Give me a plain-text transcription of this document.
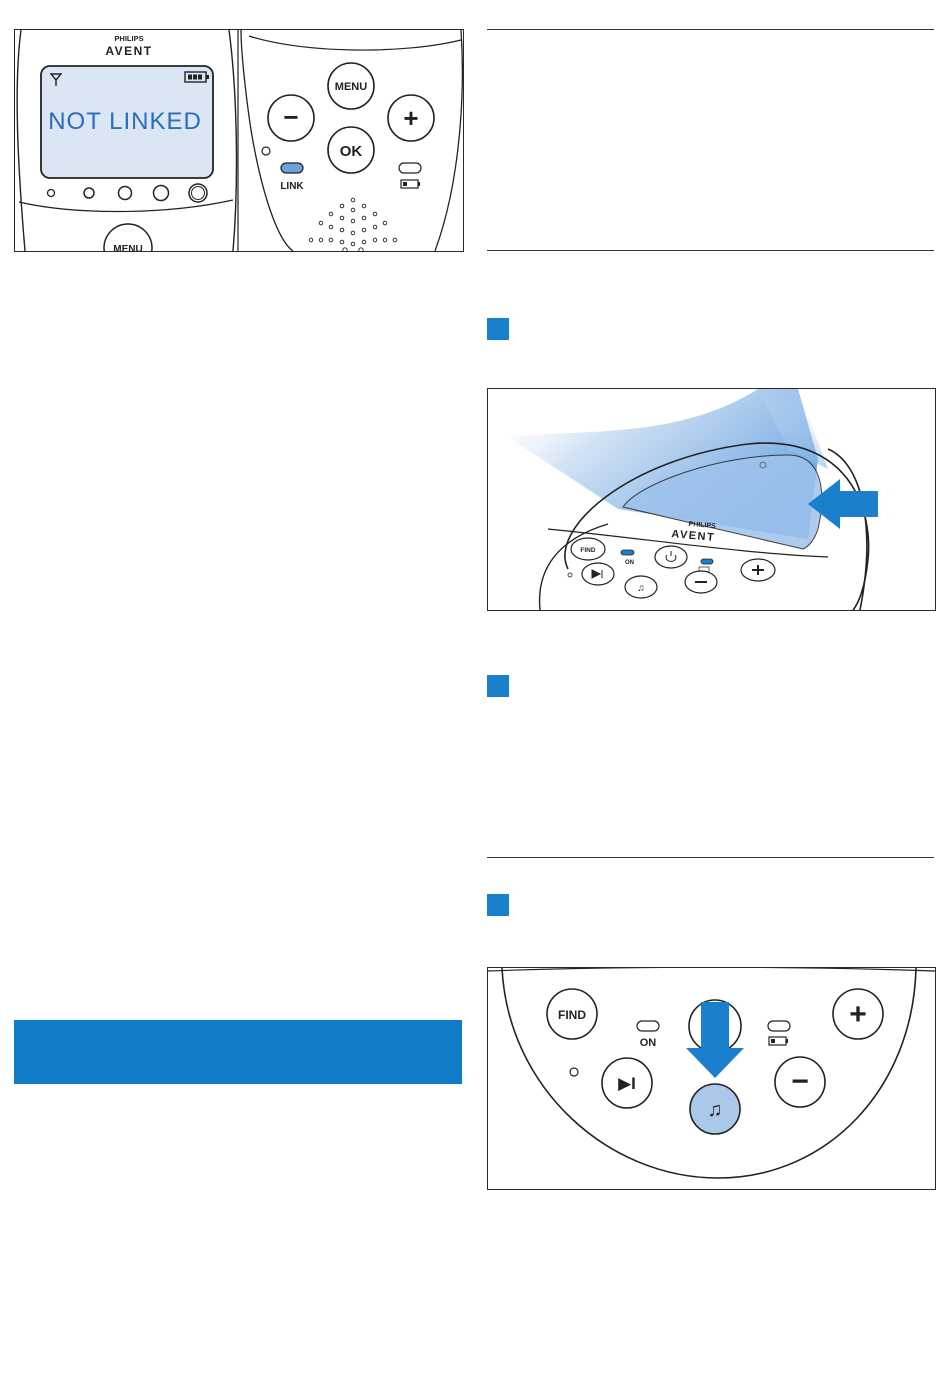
PHILIPS
AVENT
NOT LINKED
MENU
MENU
−	+
OK
LINK
PHILIPS
AVENT
FIND
ON
♫
FIND
ON
+
▶I
♫
−
